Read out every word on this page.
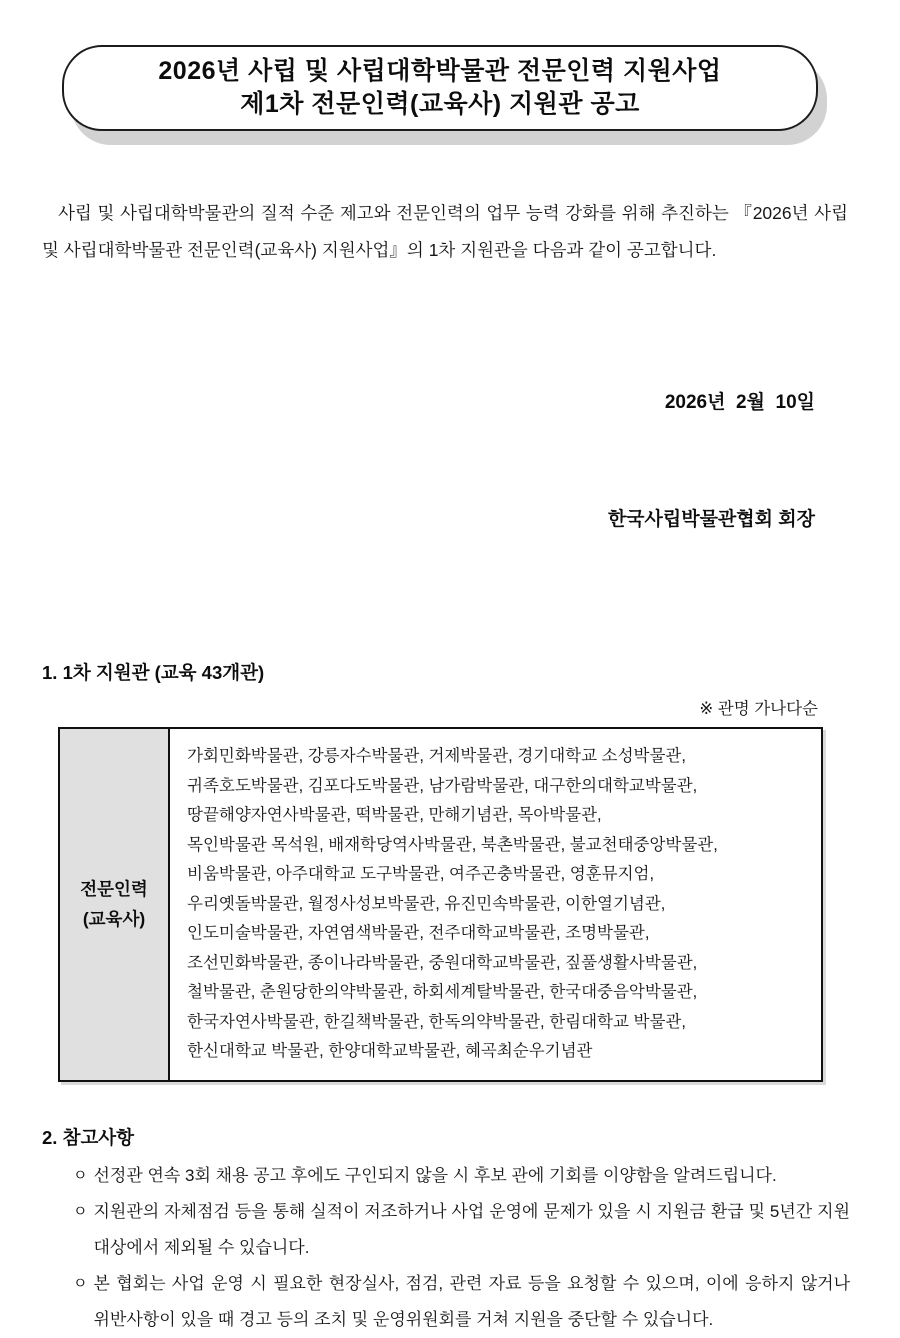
2026년 사립 및 사립대학박물관 전문인력 지원사업
제1차 전문인력(교육사) 지원관 공고

사립 및 사립대학박물관의 질적 수준 제고와 전문인력의 업무 능력 강화를 위해 추진하는 『2026년 사립 및 사립대학박물관 전문인력(교육사) 지원사업』의 1차 지원관을 다음과 같이 공고합니다.

2026년  2월  10일

한국사립박물관협회 회장

1. 1차 지원관 (교육 43개관)
※ 관명 가나다순
전문인력
(교육사)

가회민화박물관, 강릉자수박물관, 거제박물관, 경기대학교 소성박물관,
귀족호도박물관, 김포다도박물관, 남가람박물관, 대구한의대학교박물관,
땅끝해양자연사박물관, 떡박물관, 만해기념관, 목아박물관,
목인박물관 목석원, 배재학당역사박물관, 북촌박물관, 불교천태중앙박물관,
비움박물관, 아주대학교 도구박물관, 여주곤충박물관, 영훈뮤지엄,
우리옛돌박물관, 월정사성보박물관, 유진민속박물관, 이한열기념관,
인도미술박물관, 자연염색박물관, 전주대학교박물관, 조명박물관,
조선민화박물관, 종이나라박물관, 중원대학교박물관, 짚풀생활사박물관,
철박물관, 춘원당한의약박물관, 하회세계탈박물관, 한국대중음악박물관,
한국자연사박물관, 한길책박물관, 한독의약박물관, 한림대학교 박물관,
한신대학교 박물관, 한양대학교박물관, 혜곡최순우기념관
2. 참고사항
ㅇ 선정관 연속 3회 채용 공고 후에도 구인되지 않을 시 후보 관에 기회를 이양함을 알려드립니다.
ㅇ 지원관의 자체점검 등을 통해 실적이 저조하거나 사업 운영에 문제가 있을 시 지원금 환급 및 5년간 지원 대상에서 제외될 수 있습니다.
ㅇ 본 협회는 사업 운영 시 필요한 현장실사, 점검, 관련 자료 등을 요청할 수 있으며, 이에 응하지 않거나 위반사항이 있을 때 경고 등의 조치 및 운영위원회를 거쳐 지원을 중단할 수 있습니다.
